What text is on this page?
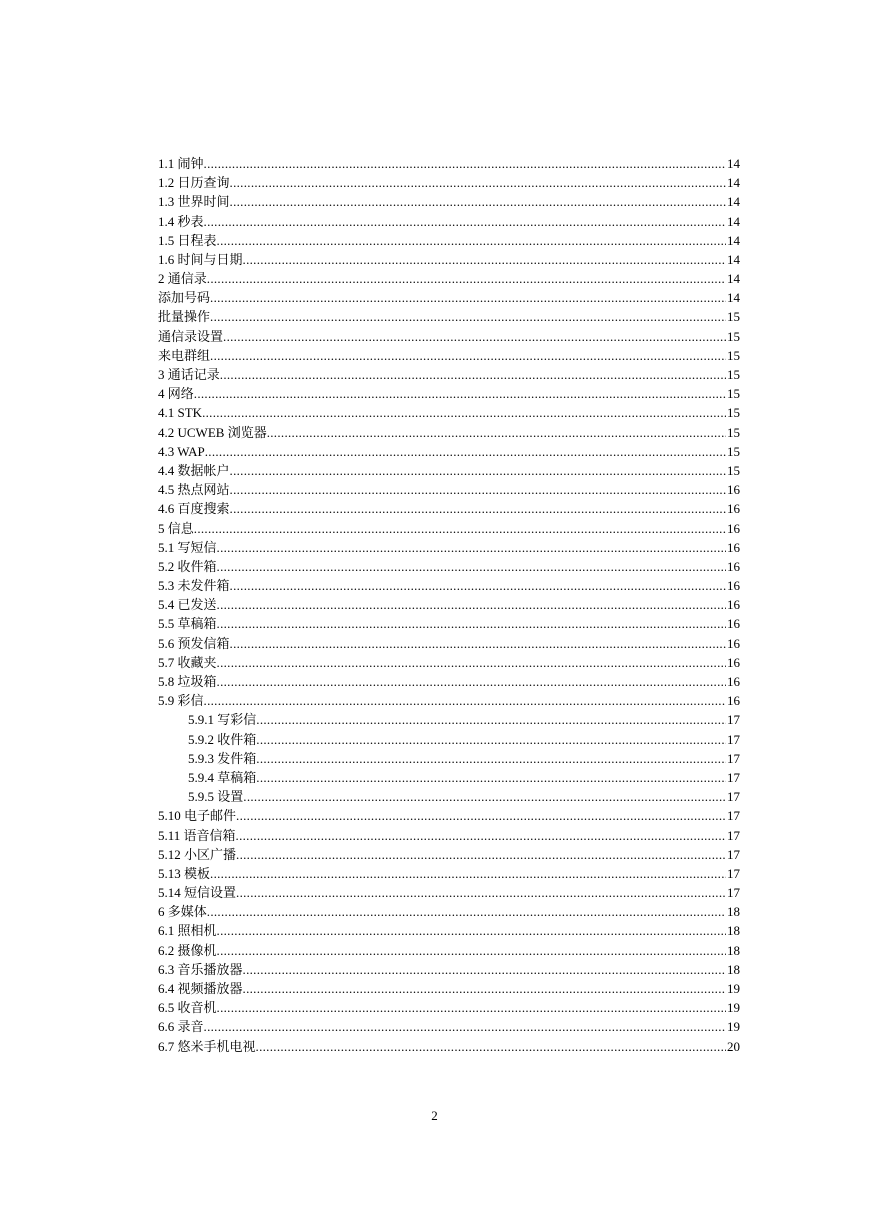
1.1 闹钟 .....	14
1.2 日历查询 .....	14
1.3 世界时间 .....	14
1.4 秒表 .....	14
1.5 日程表 .....	14
1.6 时间与日期 .....	14
2 通信录 .....	14
添加号码 .....	14
批量操作 .....	15
通信录设置 .....	15
来电群组 .....	15
3 通话记录 .....	15
4 网络 .....	15
4.1 STK .....	15
4.2 UCWEB 浏览器 .....	15
4.3 WAP .....	15
4.4 数据帐户 .....	15
4.5 热点网站 .....	16
4.6 百度搜索 .....	16
5 信息 .....	16
5.1 写短信 .....	16
5.2 收件箱 .....	16
5.3 未发件箱 .....	16
5.4 已发送 .....	16
5.5 草稿箱 .....	16
5.6 预发信箱 .....	16
5.7 收藏夹 .....	16
5.8 垃圾箱 .....	16
5.9 彩信 .....	16
5.9.1 写彩信 .....	17
5.9.2 收件箱 .....	17
5.9.3 发件箱 .....	17
5.9.4 草稿箱 .....	17
5.9.5 设置 .....	17
5.10 电子邮件 .....	17
5.11 语音信箱 .....	17
5.12 小区广播 .....	17
5.13 模板 .....	17
5.14 短信设置 .....	17
6 多媒体 .....	18
6.1 照相机 .....	18
6.2 摄像机 .....	18
6.3 音乐播放器 .....	18
6.4 视频播放器 .....	19
6.5 收音机 .....	19
6.6 录音 .....	19
6.7 悠米手机电视 .....	20
2
